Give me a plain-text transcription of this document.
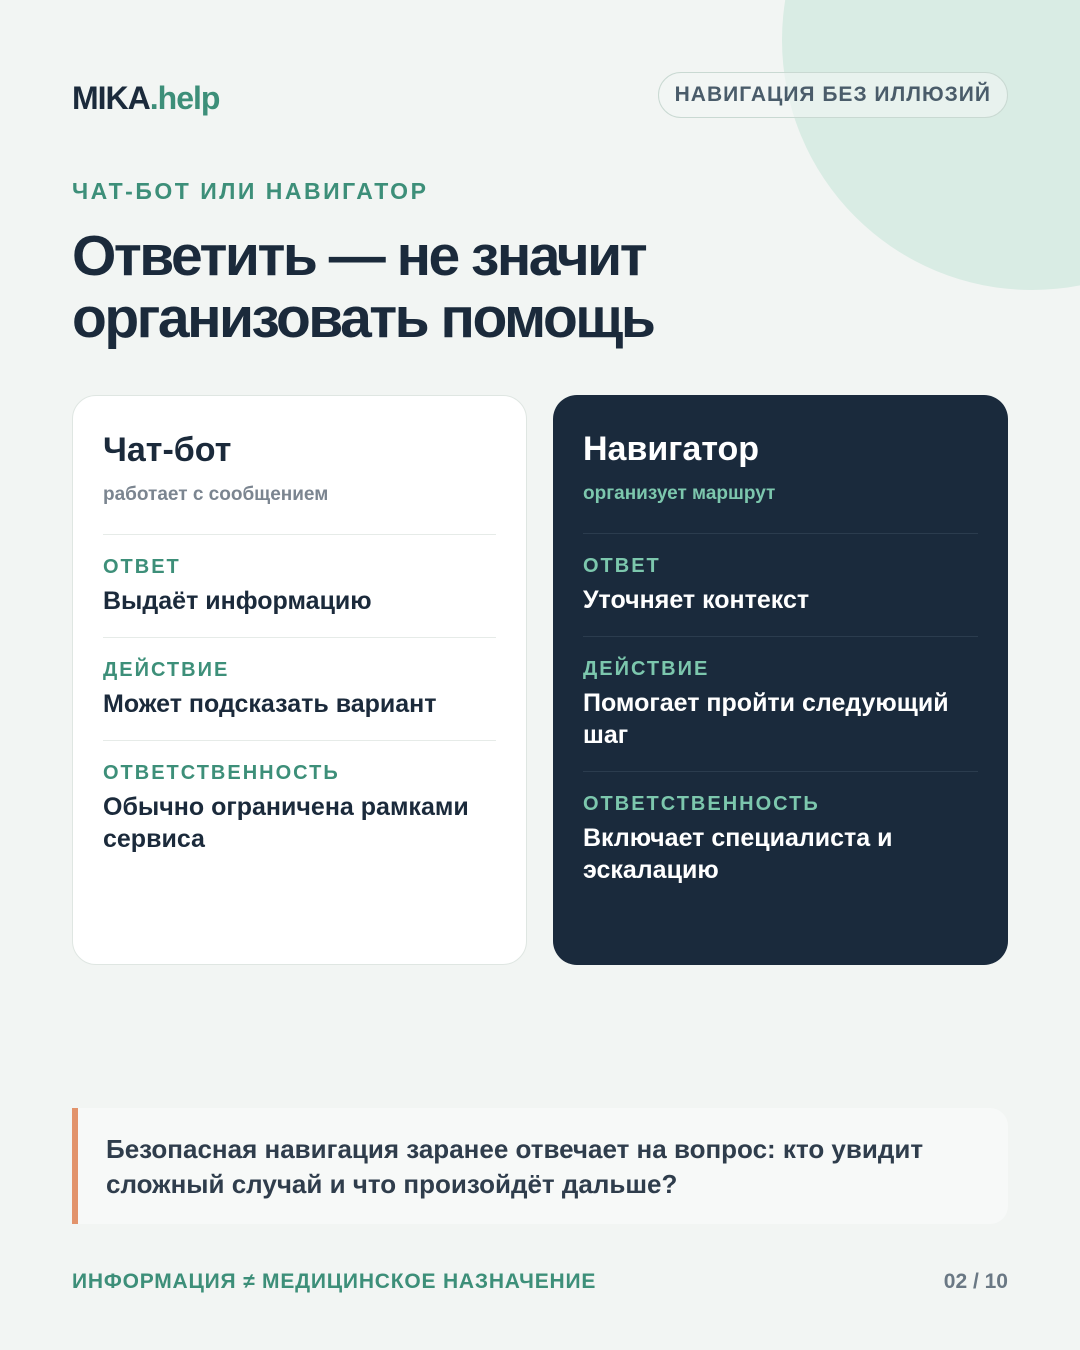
MIKA.help	НАВИГАЦИЯ БЕЗ ИЛЛЮЗИЙ
ЧАТ-БОТ ИЛИ НАВИГАТОР
Ответить — не значит
организовать помощь
Чат-бот
работает с сообщением
ОТВЕТ
Выдаёт информацию
ДЕЙСТВИЕ
Может подсказать вариант
ОТВЕТСТВЕННОСТЬ
Обычно ограничена рамками сервиса
Навигатор
организует маршрут
ОТВЕТ
Уточняет контекст
ДЕЙСТВИЕ
Помогает пройти следующий шаг
ОТВЕТСТВЕННОСТЬ
Включает специалиста и эскалацию

Безопасная навигация заранее отвечает на вопрос: кто увидит сложный случай и что произойдёт дальше?

ИНФОРМАЦИЯ ≠ МЕДИЦИНСКОЕ НАЗНАЧЕНИЕ	02 / 10
